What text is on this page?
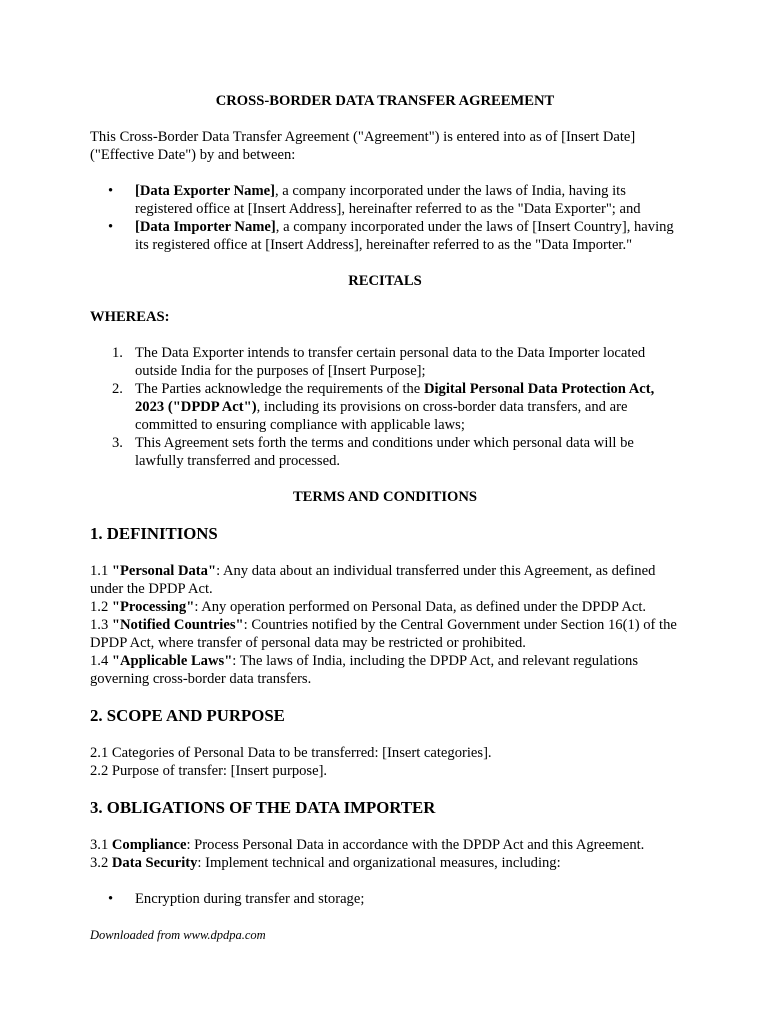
CROSS-BORDER DATA TRANSFER AGREEMENT
This Cross-Border Data Transfer Agreement ("Agreement") is entered into as of [Insert Date] ("Effective Date") by and between:
• [Data Exporter Name], a company incorporated under the laws of India, having its registered office at [Insert Address], hereinafter referred to as the "Data Exporter"; and
• [Data Importer Name], a company incorporated under the laws of [Insert Country], having its registered office at [Insert Address], hereinafter referred to as the "Data Importer."
RECITALS
WHEREAS:
1. The Data Exporter intends to transfer certain personal data to the Data Importer located outside India for the purposes of [Insert Purpose];
2. The Parties acknowledge the requirements of the Digital Personal Data Protection Act, 2023 ("DPDP Act"), including its provisions on cross-border data transfers, and are committed to ensuring compliance with applicable laws;
3. This Agreement sets forth the terms and conditions under which personal data will be lawfully transferred and processed.
TERMS AND CONDITIONS
1. DEFINITIONS
1.1 "Personal Data": Any data about an individual transferred under this Agreement, as defined under the DPDP Act.
1.2 "Processing": Any operation performed on Personal Data, as defined under the DPDP Act.
1.3 "Notified Countries": Countries notified by the Central Government under Section 16(1) of the DPDP Act, where transfer of personal data may be restricted or prohibited.
1.4 "Applicable Laws": The laws of India, including the DPDP Act, and relevant regulations governing cross-border data transfers.
2. SCOPE AND PURPOSE
2.1 Categories of Personal Data to be transferred: [Insert categories].
2.2 Purpose of transfer: [Insert purpose].
3. OBLIGATIONS OF THE DATA IMPORTER
3.1 Compliance: Process Personal Data in accordance with the DPDP Act and this Agreement.
3.2 Data Security: Implement technical and organizational measures, including:
• Encryption during transfer and storage;
Downloaded from www.dpdpa.com
